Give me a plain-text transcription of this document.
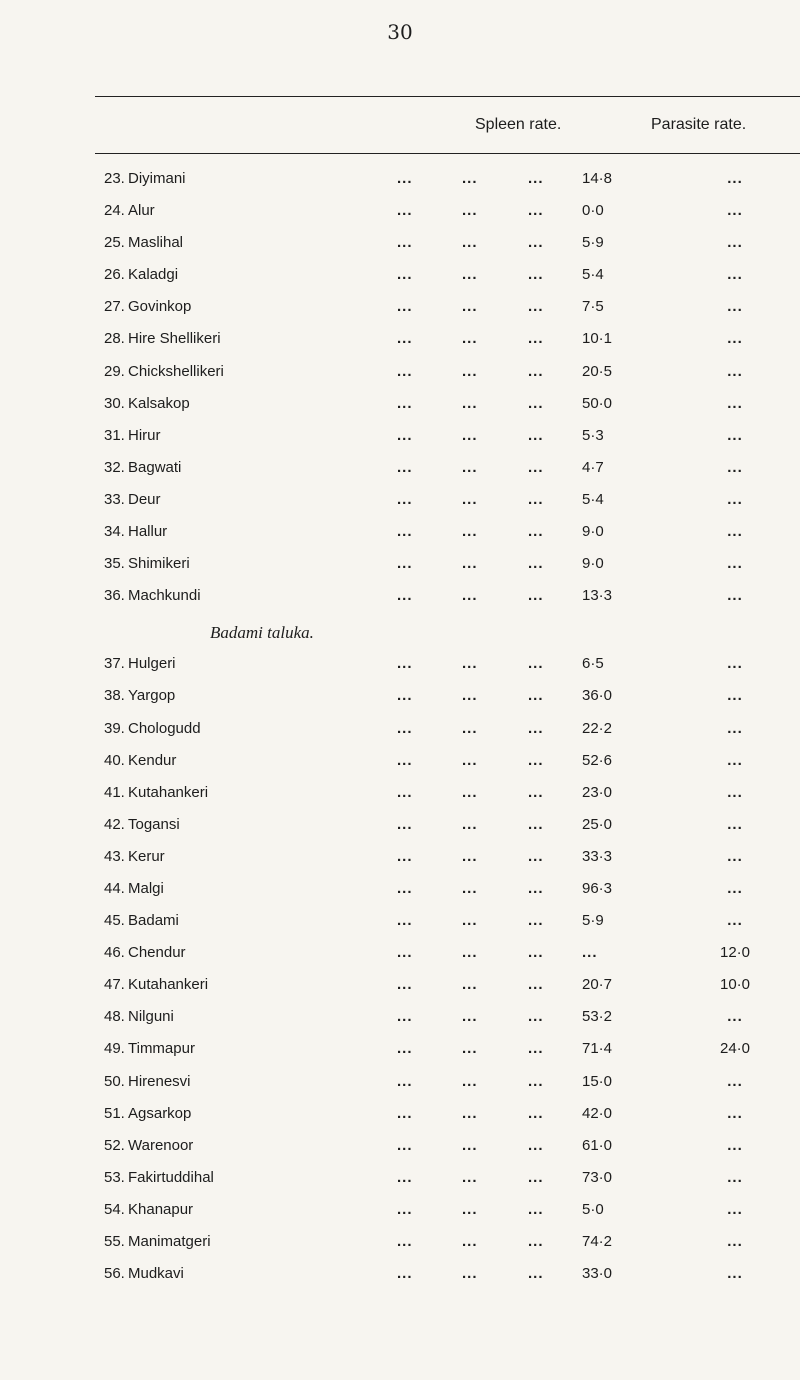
30
Spleen rate.	Parasite rate.
23. Diyimani	...	...	...	14·8	...
24. Alur	...	...	...	0·0	...
25. Maslihal	...	...	...	5·9	...
26. Kaladgi	...	...	...	5·4	...
27. Govinkop	...	...	...	7·5	...
28. Hire Shellikeri	...	...	...	10·1	...
29. Chickshellikeri	...	...	...	20·5	...
30. Kalsakop	...	...	...	50·0	...
31. Hirur	...	...	...	5·3	...
32. Bagwati	...	...	...	4·7	...
33. Deur	...	...	...	5·4	...
34. Hallur	...	...	...	9·0	...
35. Shimikeri	...	...	...	9·0	...
36. Machkundi	...	...	...	13·3	...
Badami taluka.
37. Hulgeri	...	...	...	6·5	...
38. Yargop	...	...	...	36·0	...
39. Chologudd	...	...	...	22·2	...
40. Kendur	...	...	...	52·6	...
41. Kutahankeri	...	...	...	23·0	...
42. Togansi	...	...	...	25·0	...
43. Kerur	...	...	...	33·3	...
44. Malgi	...	...	...	96·3	...
45. Badami	...	...	...	5·9	...
46. Chendur	...	...	...	...	12·0
47. Kutahankeri	...	...	...	20·7	10·0
48. Nilguni	...	...	...	53·2	...
49. Timmapur	...	...	...	71·4	24·0
50. Hirenesvi	...	...	...	15·0	...
51. Agsarkop	...	...	...	42·0	...
52. Warenoor	...	...	...	61·0	...
53. Fakirtuddihal	...	...	...	73·0	...
54. Khanapur	...	...	...	5·0	...
55. Manimatgeri	...	...	...	74·2	...
56. Mudkavi	...	...	...	33·0	...
